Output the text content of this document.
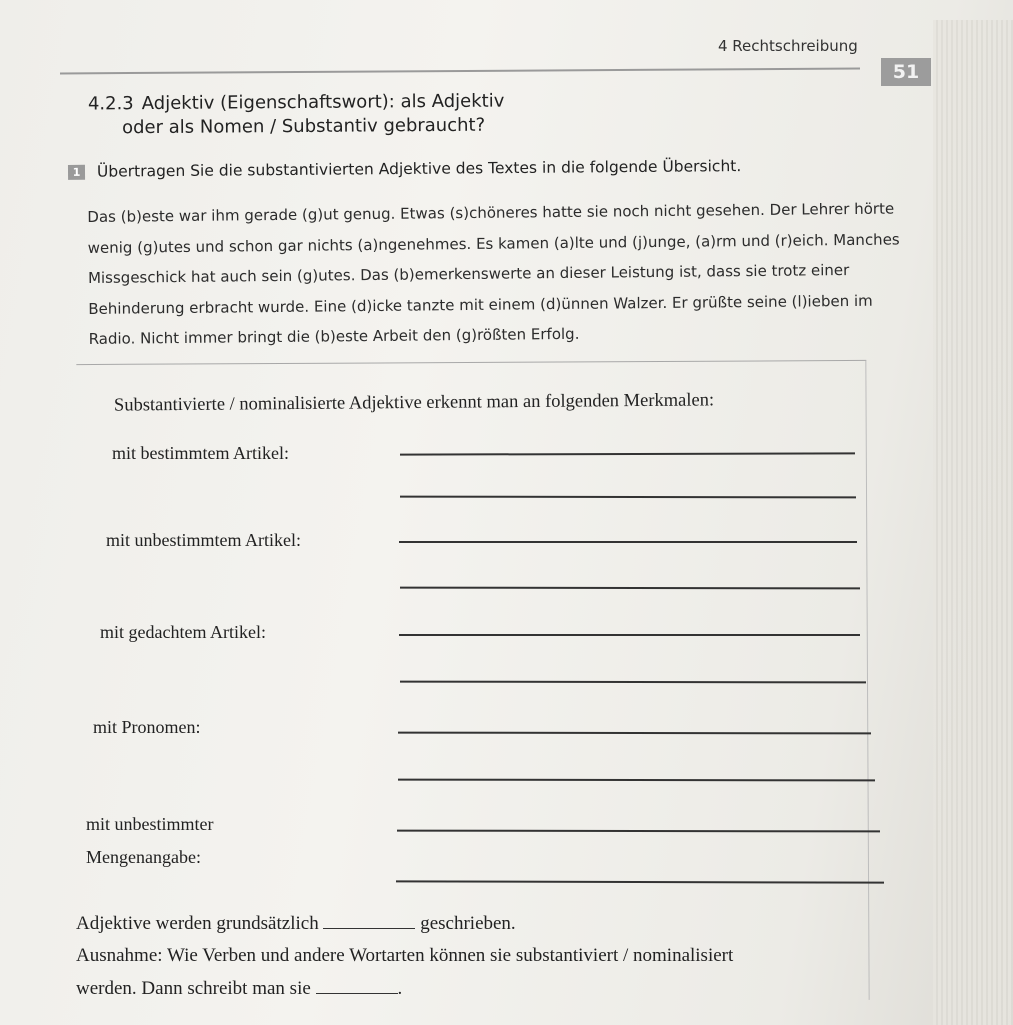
4 Rechtschreibung
51
4.2.3 Adjektiv (Eigenschaftswort): als Adjektiv
oder als Nomen / Substantiv gebraucht?
1 Übertragen Sie die substantivierten Adjektive des Textes in die folgende Übersicht.
Das (b)este war ihm gerade (g)ut genug. Etwas (s)chöneres hatte sie noch nicht gesehen. Der Lehrer hörte
wenig (g)utes und schon gar nichts (a)ngenehmes. Es kamen (a)lte und (j)unge, (a)rm und (r)eich. Manches
Missgeschick hat auch sein (g)utes. Das (b)emerkenswerte an dieser Leistung ist, dass sie trotz einer
Behinderung erbracht wurde. Eine (d)icke tanzte mit einem (d)ünnen Walzer. Er grüßte seine (l)ieben im
Radio. Nicht immer bringt die (b)este Arbeit den (g)rößten Erfolg.
Substantivierte / nominalisierte Adjektive erkennt man an folgenden Merkmalen:
mit bestimmtem Artikel:
mit unbestimmtem Artikel:
mit gedachtem Artikel:
mit Pronomen:
mit unbestimmter
Mengenangabe:
Adjektive werden grundsätzlich	geschrieben.
Ausnahme: Wie Verben und andere Wortarten können sie substantiviert / nominalisiert
werden. Dann schreibt man sie	.
